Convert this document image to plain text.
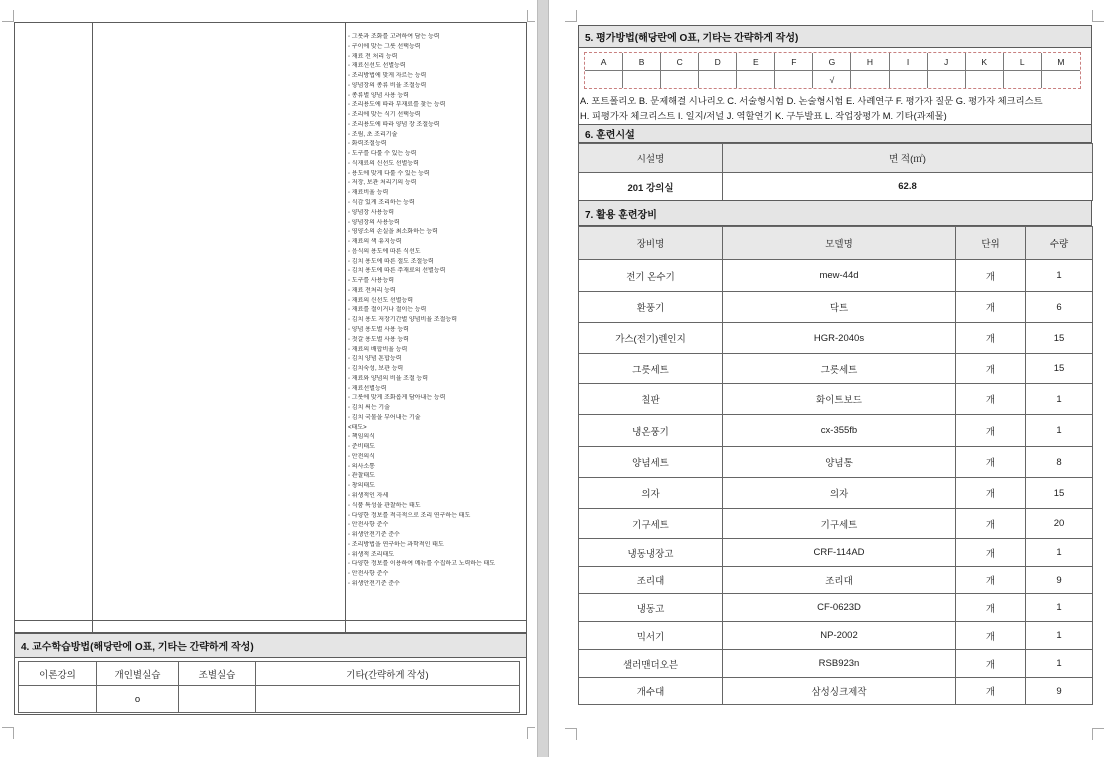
◦ 그릇과 조화를 고려하여 담는 능력
◦ 구이에 맞는 그릇 선택능력
◦ 재료 전 처리 능력
◦ 재료신선도 선별능력
◦ 조리방법에 맞게 자르는 능력
◦ 양념장의 종류 비율 조절능력
◦ 종류별 양념 사용 능력
◦ 조리용도에 따라 부재료를 찾는 능력
◦ 조리에 맞는 식기 선택능력
◦ 조리용도에 따라 양념 장 조절능력
◦ 조림, 초 조리기술
◦ 화력조절능력
◦ 도구를 다룰 수 있는 능력
◦ 식재료의 신선도 선별능력
◦ 용도에 맞게 다룰 수 있는 능력
◦ 저장, 보관 처리기의 능력
◦ 재료비율 능력
◦ 식감 있게 조리하는 능력
◦ 양념장 사용능력
◦ 양념장의 사용능력
◦ 영양소의 손실을 최소화하는 능력
◦ 재료의 색 유지능력
◦ 음식의 용도에 따른 식선도
◦ 김치 용도에 따른 절도 조절능력
◦ 김치 용도에 따른 주재료의 선별능력
◦ 도구를 사용능력
◦ 재료 전처리 능력
◦ 재료의 신선도 선별능력
◦ 재료를 절이거나 절이는 능력
◦ 김치 용도 저장기간별 양념비율 조절능력
◦ 양념 용도별 사용 능력
◦ 젓갈 용도별 사용 능력
◦ 재료의 배합비율 능력
◦ 김치 양념 혼합능력
◦ 김치숙성, 보관 능력
◦ 재료와 양념의 비율 조절 능력
◦ 재료선별능력
◦ 그릇에 맞게 조화롭게 담아내는 능력
◦ 김치 써는 기술
◦ 김치 국물을 부어내는 기술
<태도>
◦ 책임의식
◦ 준비태도
◦ 안전의식
◦ 의사소통
◦ 관찰태도
◦ 창의태도
◦ 위생적인 자세
◦ 식품 특성을 관찰하는 태도
◦ 다양한 정보를 적극적으로 조리 연구하는 태도
◦ 안전사항 준수
◦ 위생안전기준 준수
◦ 조리방법을 연구하는 과학적인 태도
◦ 위생적 조리태도
◦ 다양한 정보를 이용하여 메뉴를 수집하고 노력하는 태도
◦ 안전사항 준수
◦ 위생안전기준 준수
4. 교수학습방법(해당란에 O표, 기타는 간략하게 작성)
이론강의	개인별실습	조별실습	기타(간략하게 작성)
	o		
5. 평가방법(해당란에 O표, 기타는 간략하게 작성)
A	B	C	D	E	F	G	H	I	J	K	L	M
						√						
A. 포트폴리오 B. 문제해결 시나리오 C. 서술형시험 D. 논술형시험 E. 사례연구 F. 평가자 질문 G. 평가자 체크리스트
H. 피평가자 체크리스트 I. 일지/저널 J. 역할연기 K. 구두발표 L. 작업장평가 M. 기타(과제물)
6. 훈련시설
시설명	면 적(㎡)
201 강의실	62.8
7. 활용 훈련장비
장비명	모델명	단위	수량
전기 온수기	mew-44d	개	1
환풍기	닥트	개	6
가스(전기)렌인지	HGR-2040s	개	15
그릇세트	그릇세트	개	15
칠판	화이트보드	개	1
냉온풍기	cx-355fb	개	1
양념세트	양념통	개	8
의자	의자	개	15
기구세트	기구세트	개	20
냉동냉장고	CRF-114AD	개	1
조리대	조리대	개	9
냉동고	CF-0623D	개	1
믹서기	NP-2002	개	1
샐러맨더오븐	RSB923n	개	1
개수대	삼성싱크제작	개	9
